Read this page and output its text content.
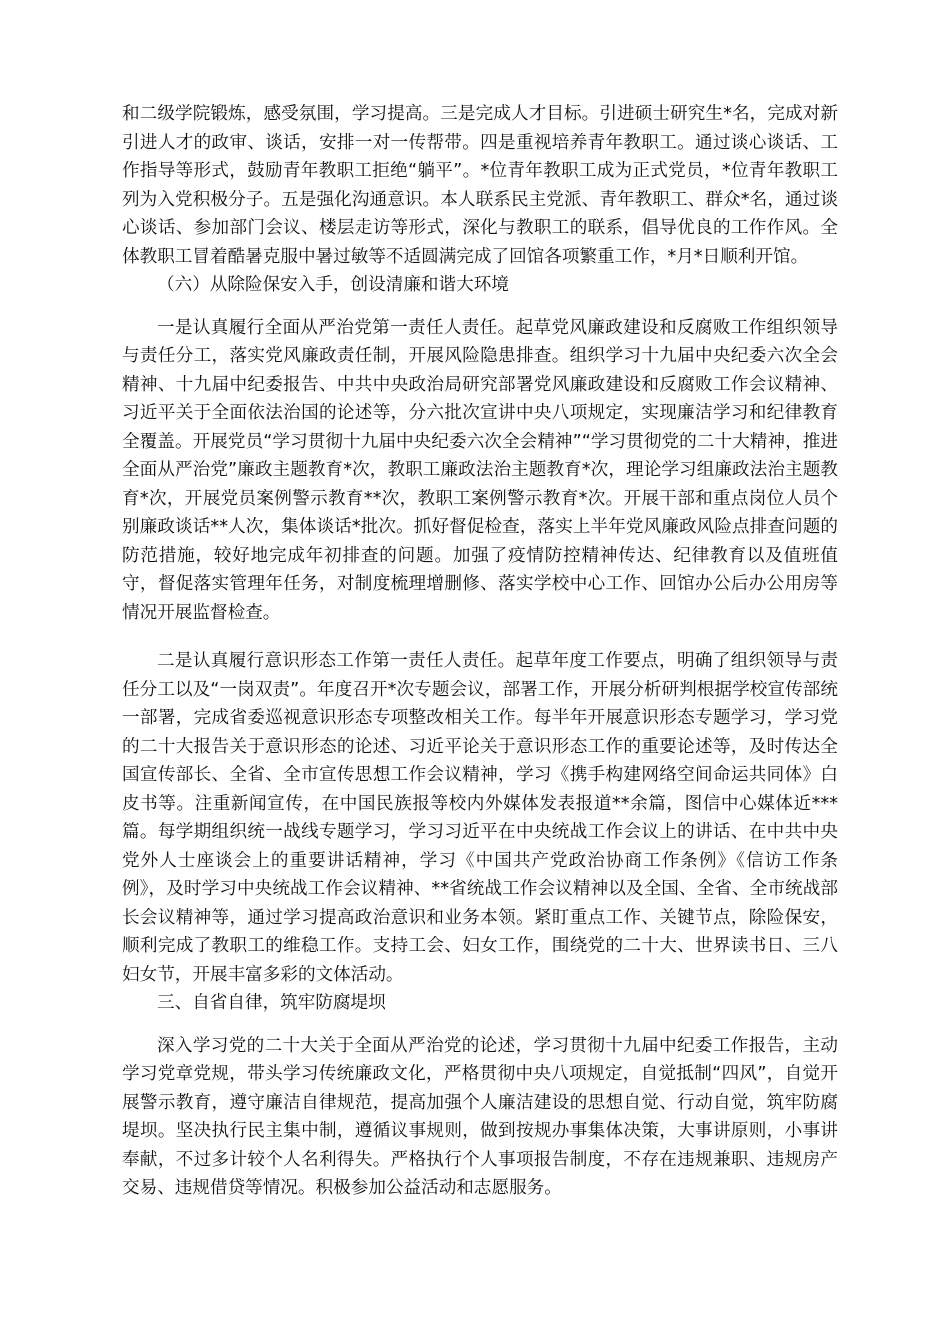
和二级学院锻炼，感受氛围，学习提高。三是完成人才目标。引进硕士研究生*名，完成对新引进人才的政审、谈话，安排一对一传帮带。四是重视培养青年教职工。通过谈心谈话、工作指导等形式，鼓励青年教职工拒绝“躺平”。*位青年教职工成为正式党员，*位青年教职工列为入党积极分子。五是强化沟通意识。本人联系民主党派、青年教职工、群众*名，通过谈心谈话、参加部门会议、楼层走访等形式，深化与教职工的联系，倡导优良的工作作风。全体教职工冒着酷暑克服中暑过敏等不适圆满完成了回馆各项繁重工作，*月*日顺利开馆。

（六）从除险保安入手，创设清廉和谐大环境

一是认真履行全面从严治党第一责任人责任。起草党风廉政建设和反腐败工作组织领导与责任分工，落实党风廉政责任制，开展风险隐患排查。组织学习十九届中央纪委六次全会精神、十九届中纪委报告、中共中央政治局研究部署党风廉政建设和反腐败工作会议精神、习近平关于全面依法治国的论述等，分六批次宣讲中央八项规定，实现廉洁学习和纪律教育全覆盖。开展党员“学习贯彻十九届中央纪委六次全会精神”“学习贯彻党的二十大精神，推进全面从严治党”廉政主题教育*次，教职工廉政法治主题教育*次，理论学习组廉政法治主题教育*次，开展党员案例警示教育**次，教职工案例警示教育*次。开展干部和重点岗位人员个别廉政谈话**人次，集体谈话*批次。抓好督促检查，落实上半年党风廉政风险点排查问题的防范措施，较好地完成年初排查的问题。加强了疫情防控精神传达、纪律教育以及值班值守，督促落实管理年任务，对制度梳理增删修、落实学校中心工作、回馆办公后办公用房等情况开展监督检查。

二是认真履行意识形态工作第一责任人责任。起草年度工作要点，明确了组织领导与责任分工以及“一岗双责”。年度召开*次专题会议，部署工作，开展分析研判根据学校宣传部统一部署，完成省委巡视意识形态专项整改相关工作。每半年开展意识形态专题学习，学习党的二十大报告关于意识形态的论述、习近平论关于意识形态工作的重要论述等，及时传达全国宣传部长、全省、全市宣传思想工作会议精神，学习《携手构建网络空间命运共同体》白皮书等。注重新闻宣传，在中国民族报等校内外媒体发表报道**余篇，图信中心媒体近***篇。每学期组织统一战线专题学习，学习习近平在中央统战工作会议上的讲话、在中共中央党外人士座谈会上的重要讲话精神，学习《中国共产党政治协商工作条例》《信访工作条例》，及时学习中央统战工作会议精神、**省统战工作会议精神以及全国、全省、全市统战部长会议精神等，通过学习提高政治意识和业务本领。紧盯重点工作、关键节点，除险保安，顺利完成了教职工的维稳工作。支持工会、妇女工作，围绕党的二十大、世界读书日、三八妇女节，开展丰富多彩的文体活动。

三、自省自律，筑牢防腐堤坝

深入学习党的二十大关于全面从严治党的论述，学习贯彻十九届中纪委工作报告，主动学习党章党规，带头学习传统廉政文化，严格贯彻中央八项规定，自觉抵制“四风”，自觉开展警示教育，遵守廉洁自律规范，提高加强个人廉洁建设的思想自觉、行动自觉，筑牢防腐堤坝。坚决执行民主集中制，遵循议事规则，做到按规办事集体决策，大事讲原则，小事讲奉献，不过多计较个人名利得失。严格执行个人事项报告制度，不存在违规兼职、违规房产交易、违规借贷等情况。积极参加公益活动和志愿服务。
